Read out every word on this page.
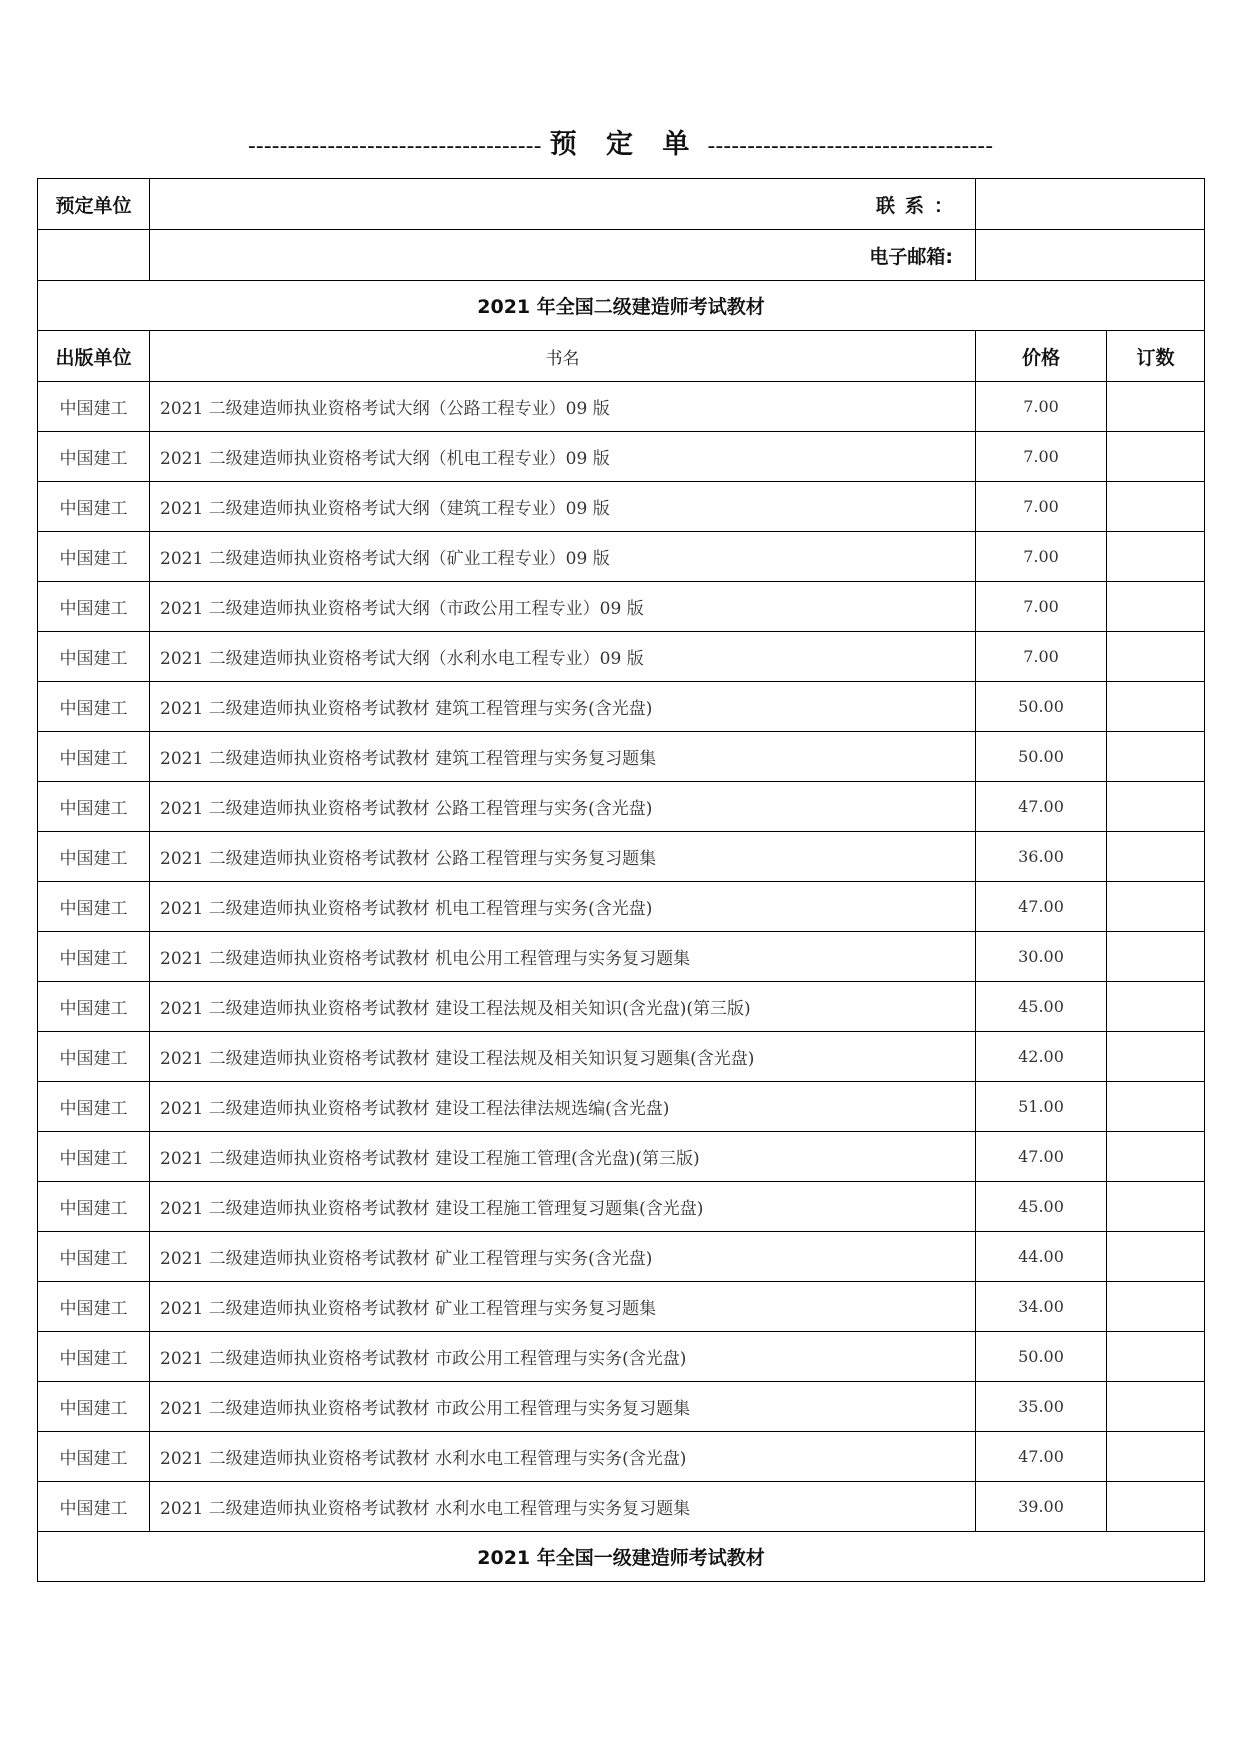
------------------------------------- 预 定 单 ------------------------------------
预定单位	联系：		
	电子邮箱:		
2021 年全国二级建造师考试教材			
出版单位	书名	价格	订数
中国建工	2021 二级建造师执业资格考试大纲（公路工程专业）09 版	7.00	
中国建工	2021 二级建造师执业资格考试大纲（机电工程专业）09 版	7.00	
中国建工	2021 二级建造师执业资格考试大纲（建筑工程专业）09 版	7.00	
中国建工	2021 二级建造师执业资格考试大纲（矿业工程专业）09 版	7.00	
中国建工	2021 二级建造师执业资格考试大纲（市政公用工程专业）09 版	7.00	
中国建工	2021 二级建造师执业资格考试大纲（水利水电工程专业）09 版	7.00	
中国建工	2021 二级建造师执业资格考试教材 建筑工程管理与实务(含光盘)	50.00	
中国建工	2021 二级建造师执业资格考试教材 建筑工程管理与实务复习题集	50.00	
中国建工	2021 二级建造师执业资格考试教材 公路工程管理与实务(含光盘)	47.00	
中国建工	2021 二级建造师执业资格考试教材 公路工程管理与实务复习题集	36.00	
中国建工	2021 二级建造师执业资格考试教材 机电工程管理与实务(含光盘)	47.00	
中国建工	2021 二级建造师执业资格考试教材 机电公用工程管理与实务复习题集	30.00	
中国建工	2021 二级建造师执业资格考试教材 建设工程法规及相关知识(含光盘)(第三版)	45.00	
中国建工	2021 二级建造师执业资格考试教材 建设工程法规及相关知识复习题集(含光盘)	42.00	
中国建工	2021 二级建造师执业资格考试教材 建设工程法律法规选编(含光盘)	51.00	
中国建工	2021 二级建造师执业资格考试教材 建设工程施工管理(含光盘)(第三版)	47.00	
中国建工	2021 二级建造师执业资格考试教材 建设工程施工管理复习题集(含光盘)	45.00	
中国建工	2021 二级建造师执业资格考试教材 矿业工程管理与实务(含光盘)	44.00	
中国建工	2021 二级建造师执业资格考试教材 矿业工程管理与实务复习题集	34.00	
中国建工	2021 二级建造师执业资格考试教材 市政公用工程管理与实务(含光盘)	50.00	
中国建工	2021 二级建造师执业资格考试教材 市政公用工程管理与实务复习题集	35.00	
中国建工	2021 二级建造师执业资格考试教材 水利水电工程管理与实务(含光盘)	47.00	
中国建工	2021 二级建造师执业资格考试教材 水利水电工程管理与实务复习题集	39.00	
2021 年全国一级建造师考试教材			
